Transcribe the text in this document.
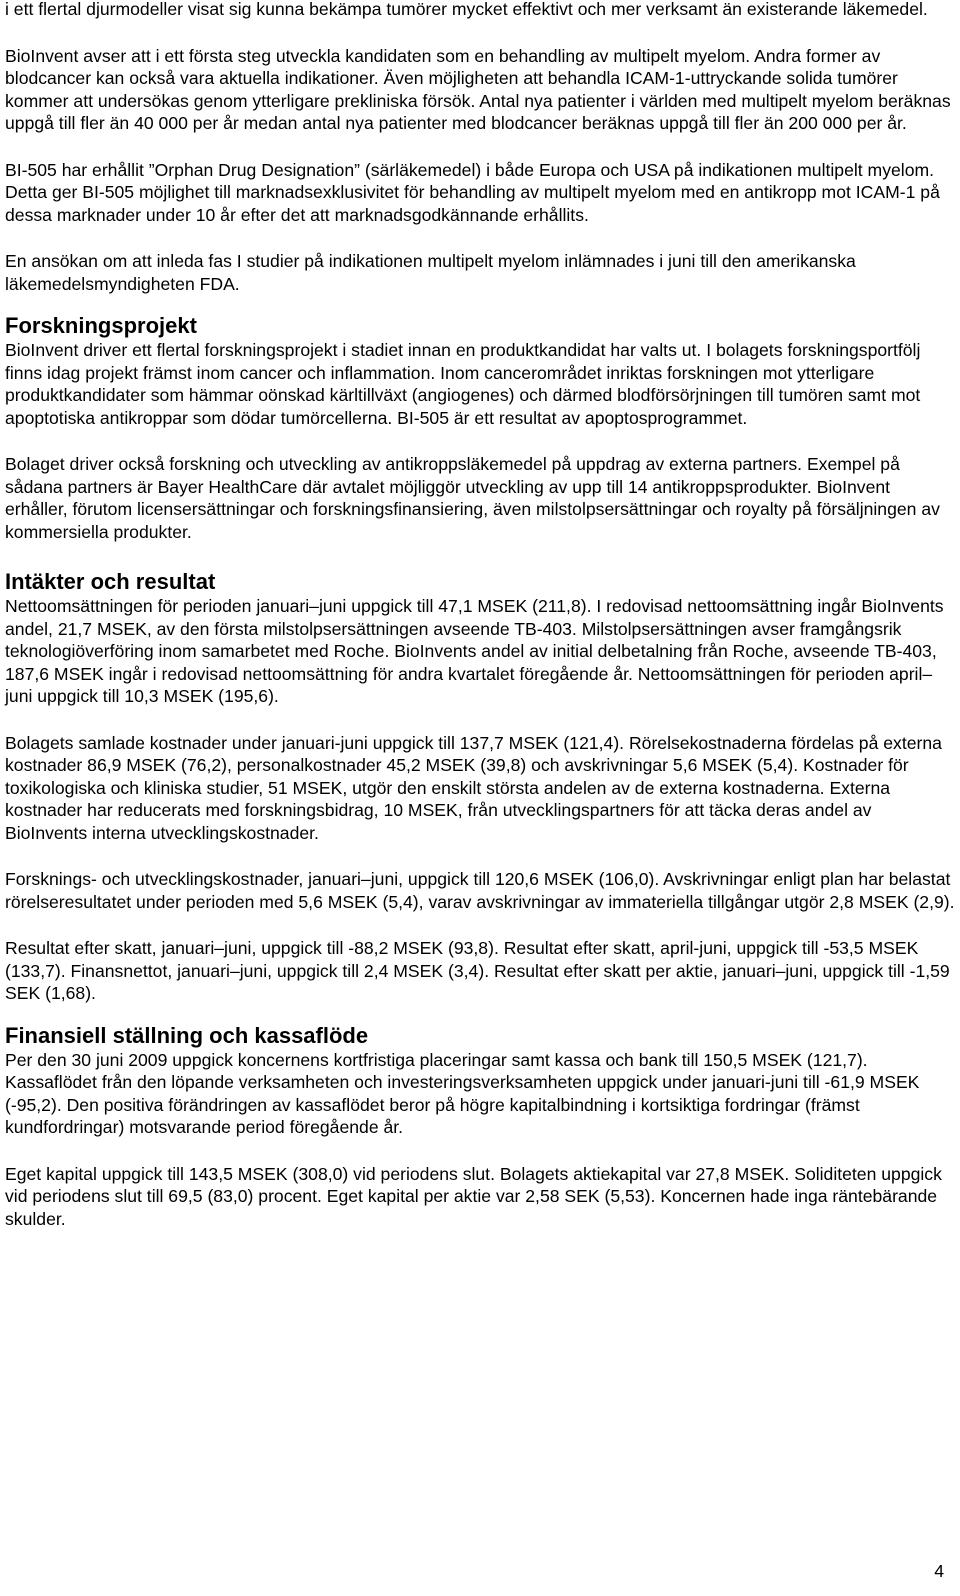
i ett flertal djurmodeller visat sig kunna bekämpa tumörer mycket effektivt och mer verksamt än existerande läkemedel.

BioInvent avser att i ett första steg utveckla kandidaten som en behandling av multipelt myelom. Andra former av blodcancer kan också vara aktuella indikationer. Även möjligheten att behandla ICAM-1-uttryckande solida tumörer kommer att undersökas genom ytterligare prekliniska försök. Antal nya patienter i världen med multipelt myelom beräknas uppgå till fler än 40 000 per år medan antal nya patienter med blodcancer beräknas uppgå till fler än 200 000 per år.

BI-505 har erhållit ”Orphan Drug Designation” (särläkemedel) i både Europa och USA på indikationen multipelt myelom. Detta ger BI-505 möjlighet till marknadsexklusivitet för behandling av multipelt myelom med en antikropp mot ICAM-1 på dessa marknader under 10 år efter det att marknadsgodkännande erhållits.

En ansökan om att inleda fas I studier på indikationen multipelt myelom inlämnades i juni till den amerikanska läkemedelsmyndigheten FDA.

Forskningsprojekt

BioInvent driver ett flertal forskningsprojekt i stadiet innan en produktkandidat har valts ut. I bolagets forskningsportfölj finns idag projekt främst inom cancer och inflammation. Inom cancerområdet inriktas forskningen mot ytterligare produktkandidater som hämmar oönskad kärltillväxt (angiogenes) och därmed blodförsörjningen till tumören samt mot apoptotiska antikroppar som dödar tumörcellerna. BI-505 är ett resultat av apoptosprogrammet.

Bolaget driver också forskning och utveckling av antikroppsläkemedel på uppdrag av externa partners. Exempel på sådana partners är Bayer HealthCare där avtalet möjliggör utveckling av upp till 14 antikroppsprodukter. BioInvent erhåller, förutom licensersättningar och forskningsfinansiering, även milstolpsersättningar och royalty på försäljningen av kommersiella produkter.

Intäkter och resultat

Nettoomsättningen för perioden januari–juni uppgick till 47,1 MSEK (211,8). I redovisad nettoomsättning ingår BioInvents andel, 21,7 MSEK, av den första milstolpsersättningen avseende TB-403. Milstolpsersättningen avser framgångsrik teknologiöverföring inom samarbetet med Roche. BioInvents andel av initial delbetalning från Roche, avseende TB-403, 187,6 MSEK ingår i redovisad nettoomsättning för andra kvartalet föregående år. Nettoomsättningen för perioden april–juni uppgick till 10,3 MSEK (195,6).

Bolagets samlade kostnader under januari-juni uppgick till 137,7 MSEK (121,4). Rörelsekostnaderna fördelas på externa kostnader 86,9 MSEK (76,2), personalkostnader 45,2 MSEK (39,8) och avskrivningar 5,6 MSEK (5,4). Kostnader för toxikologiska och kliniska studier, 51 MSEK, utgör den enskilt största andelen av de externa kostnaderna. Externa kostnader har reducerats med forskningsbidrag, 10 MSEK, från utvecklingspartners för att täcka deras andel av BioInvents interna utvecklingskostnader.

Forsknings- och utvecklingskostnader, januari–juni, uppgick till 120,6 MSEK (106,0). Avskrivningar enligt plan har belastat rörelseresultatet under perioden med 5,6 MSEK (5,4), varav avskrivningar av immateriella tillgångar utgör 2,8 MSEK (2,9).

Resultat efter skatt, januari–juni, uppgick till -88,2 MSEK (93,8). Resultat efter skatt, april-juni, uppgick till -53,5 MSEK (133,7). Finansnettot, januari–juni, uppgick till 2,4 MSEK (3,4). Resultat efter skatt per aktie, januari–juni, uppgick till -1,59 SEK (1,68).

Finansiell ställning och kassaflöde

Per den 30 juni 2009 uppgick koncernens kortfristiga placeringar samt kassa och bank till 150,5 MSEK (121,7). Kassaflödet från den löpande verksamheten och investeringsverksamheten uppgick under januari-juni till -61,9 MSEK (-95,2). Den positiva förändringen av kassaflödet beror på högre kapitalbindning i kortsiktiga fordringar (främst kundfordringar) motsvarande period föregående år.

Eget kapital uppgick till 143,5 MSEK (308,0) vid periodens slut. Bolagets aktiekapital var 27,8 MSEK. Soliditeten uppgick vid periodens slut till 69,5 (83,0) procent. Eget kapital per aktie var 2,58 SEK (5,53). Koncernen hade inga räntebärande skulder.

4
